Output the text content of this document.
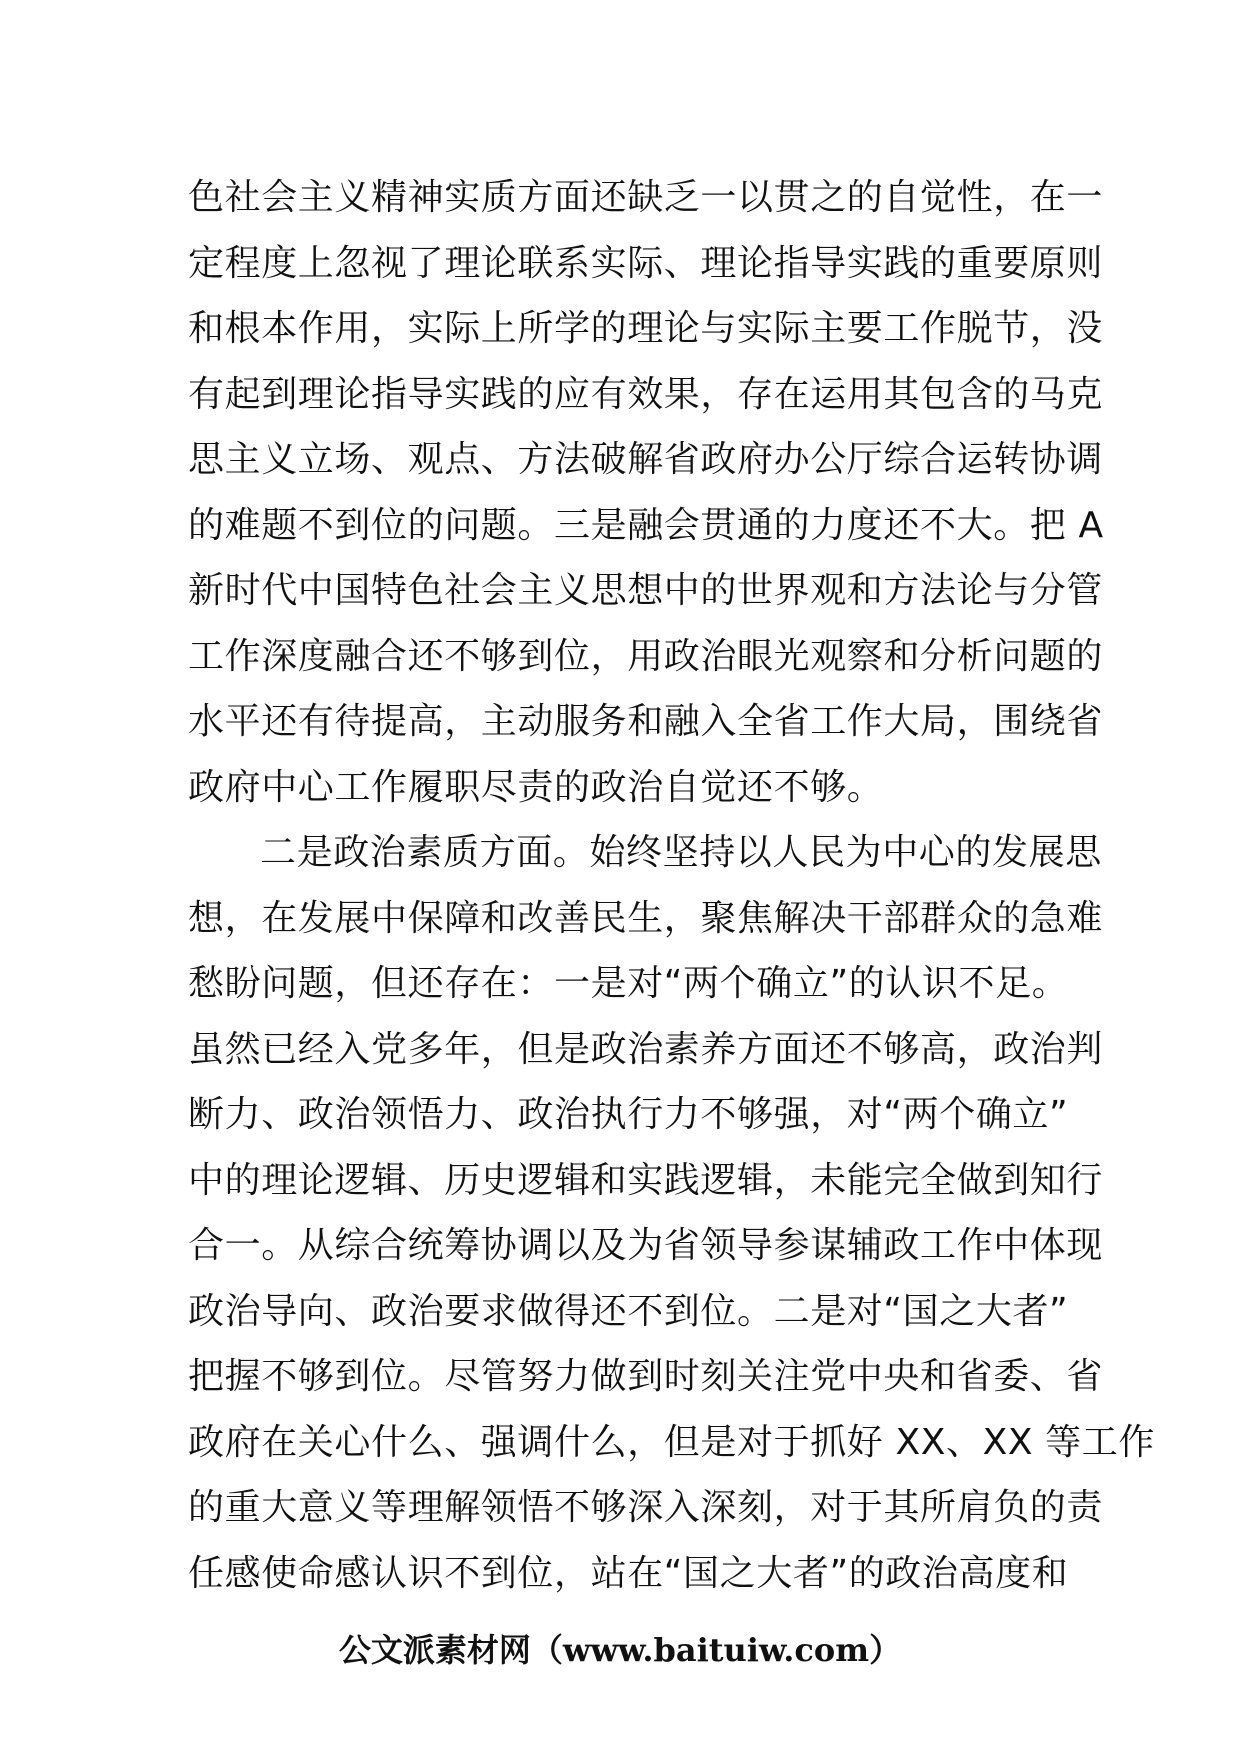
色社会主义精神实质方面还缺乏一以贯之的自觉性，在一
定程度上忽视了理论联系实际、理论指导实践的重要原则
和根本作用，实际上所学的理论与实际主要工作脱节，没
有起到理论指导实践的应有效果，存在运用其包含的马克
思主义立场、观点、方法破解省政府办公厅综合运转协调
的难题不到位的问题。三是融会贯通的力度还不大。把 A
新时代中国特色社会主义思想中的世界观和方法论与分管
工作深度融合还不够到位，用政治眼光观察和分析问题的
水平还有待提高，主动服务和融入全省工作大局，围绕省
政府中心工作履职尽责的政治自觉还不够。
二是政治素质方面。始终坚持以人民为中心的发展思
想，在发展中保障和改善民生，聚焦解决干部群众的急难
愁盼问题，但还存在：一是对“两个确立”的认识不足。
虽然已经入党多年，但是政治素养方面还不够高，政治判
断力、政治领悟力、政治执行力不够强，对“两个确立”
中的理论逻辑、历史逻辑和实践逻辑，未能完全做到知行
合一。从综合统筹协调以及为省领导参谋辅政工作中体现
政治导向、政治要求做得还不到位。二是对“国之大者”
把握不够到位。尽管努力做到时刻关注党中央和省委、省
政府在关心什么、强调什么，但是对于抓好 XX、XX 等工作
的重大意义等理解领悟不够深入深刻，对于其所肩负的责
任感使命感认识不到位，站在“国之大者”的政治高度和
公文派素材网（www.baituiw.com）
